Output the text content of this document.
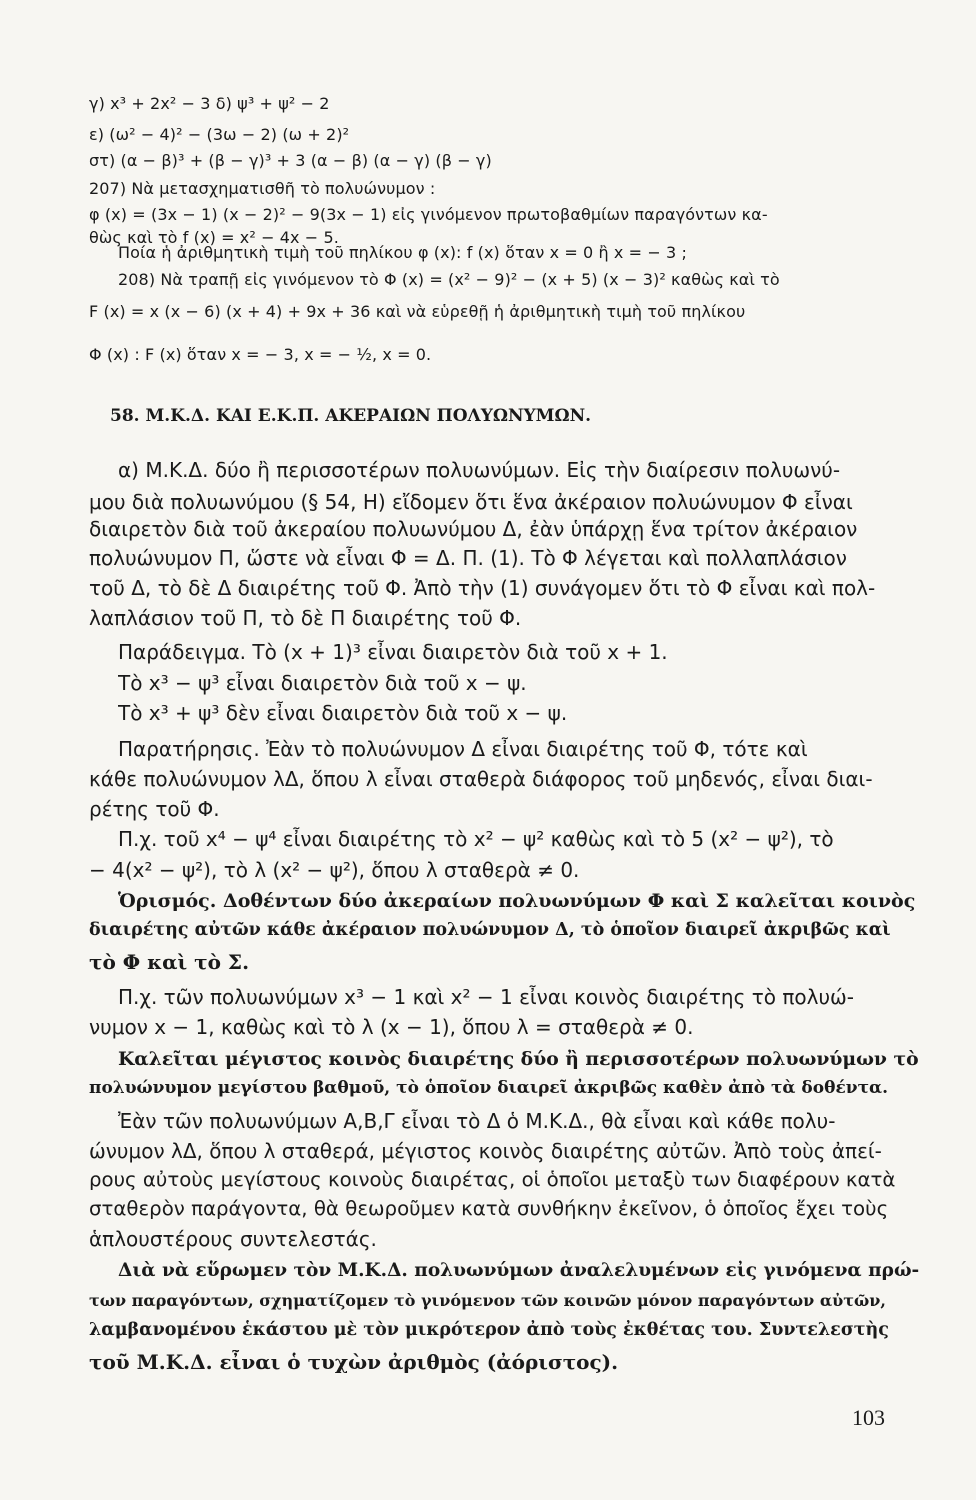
γ) x³ + 2x² − 3 δ) ψ³ + ψ² − 2
ε) (ω² − 4)² − (3ω − 2) (ω + 2)²
στ) (α − β)³ + (β − γ)³ + 3 (α − β) (α − γ) (β − γ)
207) Νὰ μετασχηματισθῆ τὸ πολυώνυμον :
φ (x) = (3x − 1) (x − 2)² − 9(3x − 1) εἰς γινόμενον πρωτοβαθμίων παραγόντων κα-
θὼς καὶ τὸ f (x) = x² − 4x − 5.
Ποία ἡ ἀριθμητικὴ τιμὴ τοῦ πηλίκου φ (x): f (x) ὅταν x = 0 ἢ x = − 3 ;
208) Νὰ τραπῇ εἰς γινόμενον τὸ Φ (x) = (x² − 9)² − (x + 5) (x − 3)² καθὼς καὶ τὸ
F (x) = x (x − 6) (x + 4) + 9x + 36 καὶ νὰ εὑρεθῇ ἡ ἀριθμητικὴ τιμὴ τοῦ πηλίκου
Φ (x) : F (x) ὅταν x = − 3, x = − ½, x = 0.
58. Μ.Κ.Δ. ΚΑΙ Ε.Κ.Π. ΑΚΕΡΑΙΩΝ ΠΟΛΥΩΝΥΜΩΝ.
α) Μ.Κ.Δ. δύο ἢ περισσοτέρων πολυωνύμων. Εἰς τὴν διαίρεσιν πολυωνύ-
μου διὰ πολυωνύμου (§ 54, Η) εἴδομεν ὅτι ἕνα ἀκέραιον πολυώνυμον Φ εἶναι
διαιρετὸν διὰ τοῦ ἀκεραίου πολυωνύμου Δ, ἐὰν ὑπάρχῃ ἕνα τρίτον ἀκέραιον
πολυώνυμον Π, ὥστε νὰ εἶναι Φ = Δ. Π. (1). Τὸ Φ λέγεται καὶ πολλαπλάσιον
τοῦ Δ, τὸ δὲ Δ διαιρέτης τοῦ Φ. Ἀπὸ τὴν (1) συνάγομεν ὅτι τὸ Φ εἶναι καὶ πολ-
λαπλάσιον τοῦ Π, τὸ δὲ Π διαιρέτης τοῦ Φ.
Παράδειγμα. Τὸ (x + 1)³ εἶναι διαιρετὸν διὰ τοῦ x + 1.
Τὸ x³ − ψ³ εἶναι διαιρετὸν διὰ τοῦ x − ψ.
Τὸ x³ + ψ³ δὲν εἶναι διαιρετὸν διὰ τοῦ x − ψ.
Παρατήρησις. Ἐὰν τὸ πολυώνυμον Δ εἶναι διαιρέτης τοῦ Φ, τότε καὶ
κάθε πολυώνυμον λΔ, ὅπου λ εἶναι σταθερὰ διάφορος τοῦ μηδενός, εἶναι διαι-
ρέτης τοῦ Φ.
Π.χ. τοῦ x⁴ − ψ⁴ εἶναι διαιρέτης τὸ x² − ψ² καθὼς καὶ τὸ 5 (x² − ψ²), τὸ
− 4(x² − ψ²), τὸ λ (x² − ψ²), ὅπου λ σταθερὰ ≠ 0.
Ὁρισμός. Δοθέντων δύο ἀκεραίων πολυωνύμων Φ καὶ Σ καλεῖται κοινὸς
διαιρέτης αὐτῶν κάθε ἀκέραιον πολυώνυμον Δ, τὸ ὁποῖον διαιρεῖ ἀκριβῶς καὶ
τὸ Φ καὶ τὸ Σ.
Π.χ. τῶν πολυωνύμων x³ − 1 καὶ x² − 1 εἶναι κοινὸς διαιρέτης τὸ πολυώ-
νυμον x − 1, καθὼς καὶ τὸ λ (x − 1), ὅπου λ = σταθερὰ ≠ 0.
Καλεῖται μέγιστος κοινὸς διαιρέτης δύο ἢ περισσοτέρων πολυωνύμων τὸ
πολυώνυμον μεγίστου βαθμοῦ, τὸ ὁποῖον διαιρεῖ ἀκριβῶς καθὲν ἀπὸ τὰ δοθέντα.
Ἐὰν τῶν πολυωνύμων Α,Β,Γ εἶναι τὸ Δ ὁ Μ.Κ.Δ., θὰ εἶναι καὶ κάθε πολυ-
ώνυμον λΔ, ὅπου λ σταθερά, μέγιστος κοινὸς διαιρέτης αὐτῶν. Ἀπὸ τοὺς ἀπεί-
ρους αὐτοὺς μεγίστους κοινοὺς διαιρέτας, οἱ ὁποῖοι μεταξὺ των διαφέρουν κατὰ
σταθερὸν παράγοντα, θὰ θεωροῦμεν κατὰ συνθήκην ἐκεῖνον, ὁ ὁποῖος ἔχει τοὺς
ἁπλουστέρους συντελεστάς.
Διὰ νὰ εὕρωμεν τὸν Μ.Κ.Δ. πολυωνύμων ἀναλελυμένων εἰς γινόμενα πρώ-
των παραγόντων, σχηματίζομεν τὸ γινόμενον τῶν κοινῶν μόνον παραγόντων αὐτῶν,
λαμβανομένου ἑκάστου μὲ τὸν μικρότερον ἀπὸ τοὺς ἐκθέτας του. Συντελεστὴς
τοῦ Μ.Κ.Δ. εἶναι ὁ τυχὼν ἀριθμὸς (ἀόριστος).
103
